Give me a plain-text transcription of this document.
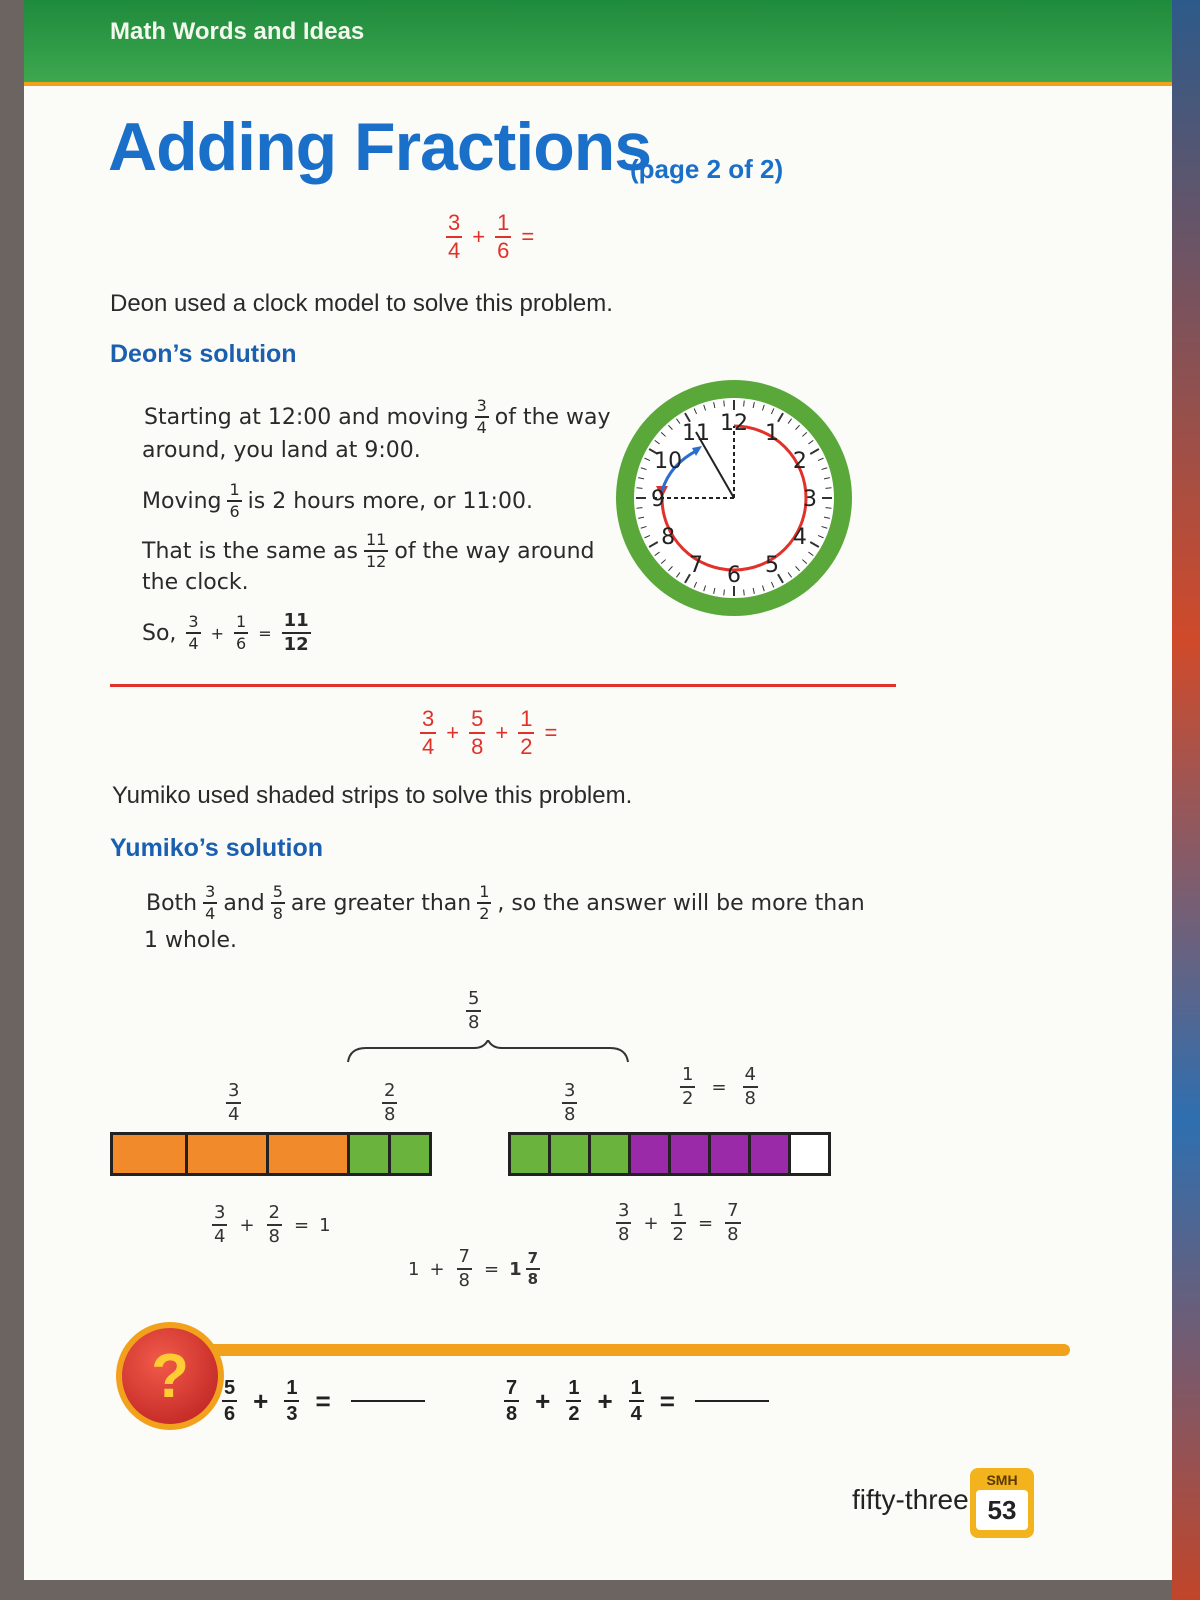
Math Words and Ideas
Adding Fractions
(page 2 of 2)
$\frac{3}{4} + \frac{1}{6}$ =
Deon used a clock model to solve this problem.
Deon’s solution
Starting at 12:00 and moving $\frac{3}{4}$ of the way
around, you land at 9:00.
Moving $\frac{1}{6}$ is 2 hours more, or 11:00.
That is the same as $\frac{11}{12}$ of the way around
the clock.
So, $\frac{3}{4} + \frac{1}{6} = \frac{11}{12}$
12 1
2
3
4
5
6
7
8
9
10
11
$\frac{3}{4} + \frac{5}{8} + \frac{1}{2}$ =
Yumiko used shaded strips to solve this problem.
Yumiko’s solution
Both $\frac{3}{4}$ and $\frac{5}{8}$ are greater than $\frac{1}{2}$ , so the answer will be more than
1 whole.
$\frac{5}{8}$
$\frac{3}{4}$	$\frac{2}{8}$	$\frac{3}{8}$	$\frac{1}{2} = \frac{4}{8}$
$\frac{3}{4} + \frac{2}{8} = 1$	$\frac{3}{8} + \frac{1}{2} = \frac{7}{8}$
$1 + \frac{7}{8} = 1 \frac{7}{8}$
?	$\frac{5}{6} + \frac{1}{3}$ =	$\frac{7}{8} + \frac{1}{2} + \frac{1}{4}$ =
fifty-three
SMH
53
